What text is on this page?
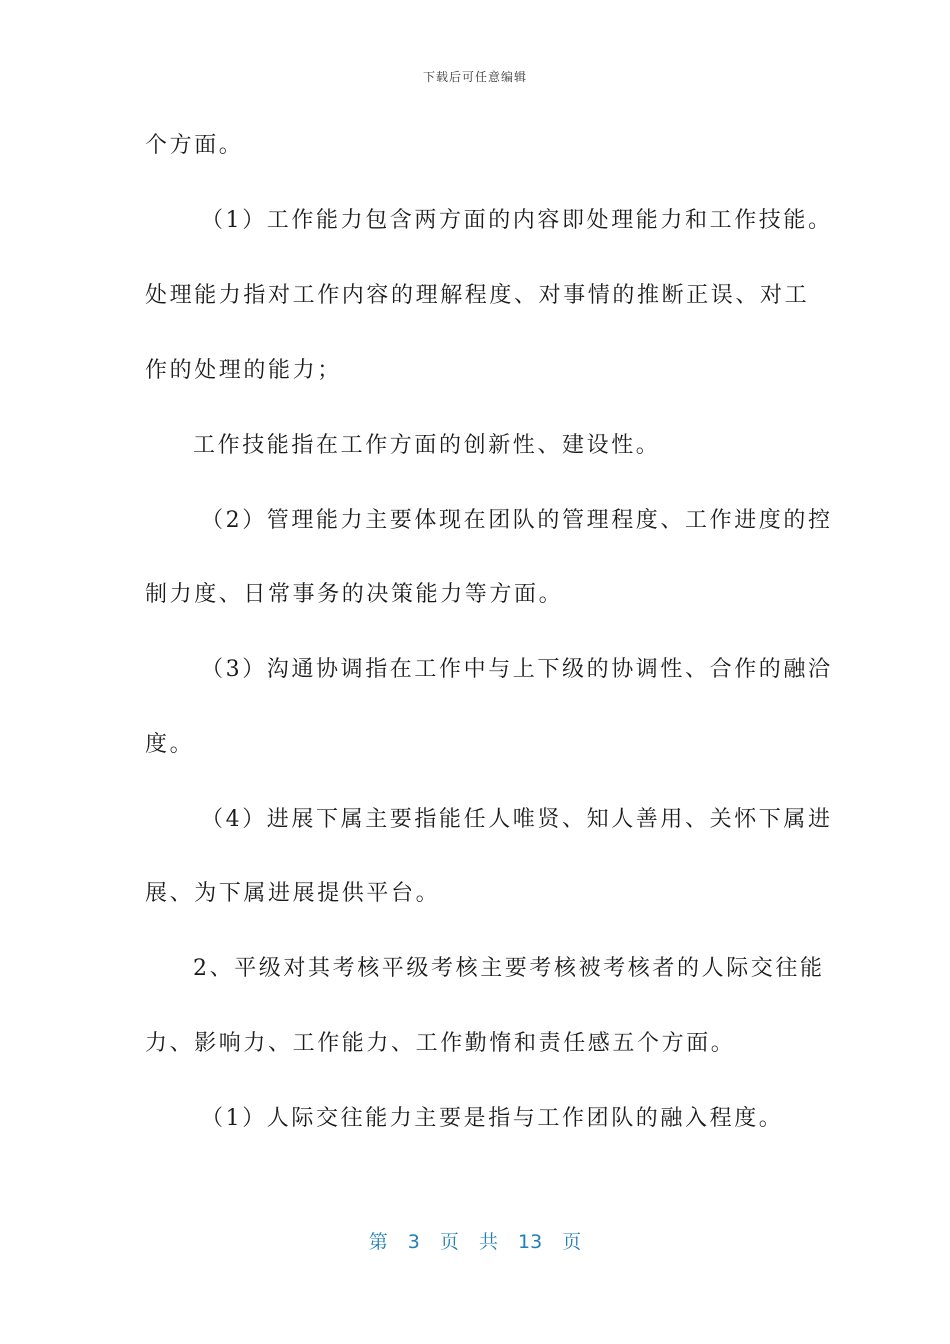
下载后可任意编辑
个方面。
（1）工作能力包含两方面的内容即处理能力和工作技能。
处理能力指对工作内容的理解程度、对事情的推断正误、对工
作的处理的能力；
工作技能指在工作方面的创新性、建设性。
（2）管理能力主要体现在团队的管理程度、工作进度的控
制力度、日常事务的决策能力等方面。
（3）沟通协调指在工作中与上下级的协调性、合作的融洽
度。
（4）进展下属主要指能任人唯贤、知人善用、关怀下属进
展、为下属进展提供平台。
2、平级对其考核平级考核主要考核被考核者的人际交往能
力、影响力、工作能力、工作勤惰和责任感五个方面。
（1）人际交往能力主要是指与工作团队的融入程度。
第 3 页 共 13 页
